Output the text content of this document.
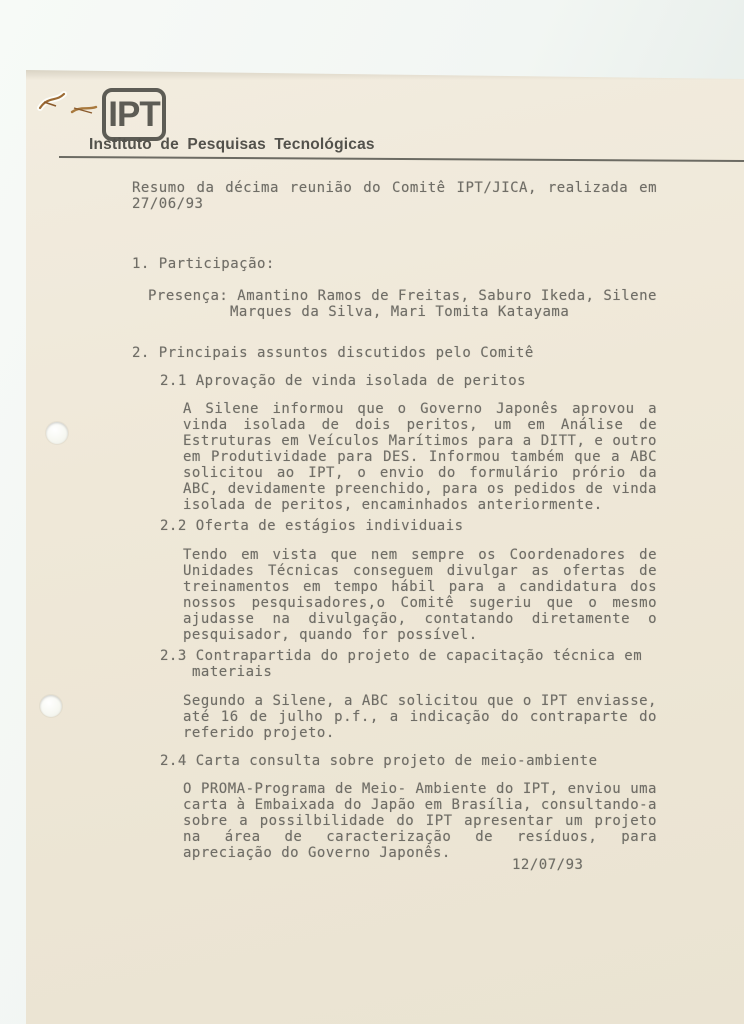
IPT
Instituto de Pesquisas Tecnológicas
Resumo da décima reunião do Comitê IPT/JICA, realizada em
27/06/93
1. Participação:
Presença: Amantino Ramos de Freitas, Saburo Ikeda, Silene
Marques da Silva, Mari Tomita Katayama
2. Principais assuntos discutidos pelo Comitê
2.1 Aprovação de vinda isolada de peritos
A Silene informou que o Governo Japonês aprovou a
vinda isolada de dois peritos, um em Análise de
Estruturas em Veículos Marítimos para a DITT, e outro
em Produtividade para DES. Informou também que a ABC
solicitou ao IPT, o envio do formulário prório da
ABC, devidamente preenchido, para os pedidos de vinda
isolada de peritos, encaminhados anteriormente.
2.2 Oferta de estágios individuais
Tendo em vista que nem sempre os Coordenadores de
Unidades Técnicas conseguem divulgar as ofertas de
treinamentos em tempo hábil para a candidatura dos
nossos pesquisadores,o Comitê sugeriu que o mesmo
ajudasse na divulgação, contatando diretamente o
pesquisador, quando for possível.
2.3 Contrapartida do projeto de capacitação técnica em
materiais
Segundo a Silene, a ABC solicitou que o IPT enviasse,
até 16 de julho p.f., a indicação do contraparte do
referido projeto.
2.4 Carta consulta sobre projeto de meio-ambiente
O PROMA-Programa de Meio- Ambiente do IPT, enviou uma
carta à Embaixada do Japão em Brasília, consultando-a
sobre a possilbilidade do IPT apresentar um projeto
na área de caracterização de resíduos, para
apreciação do Governo Japonês.
12/07/93
